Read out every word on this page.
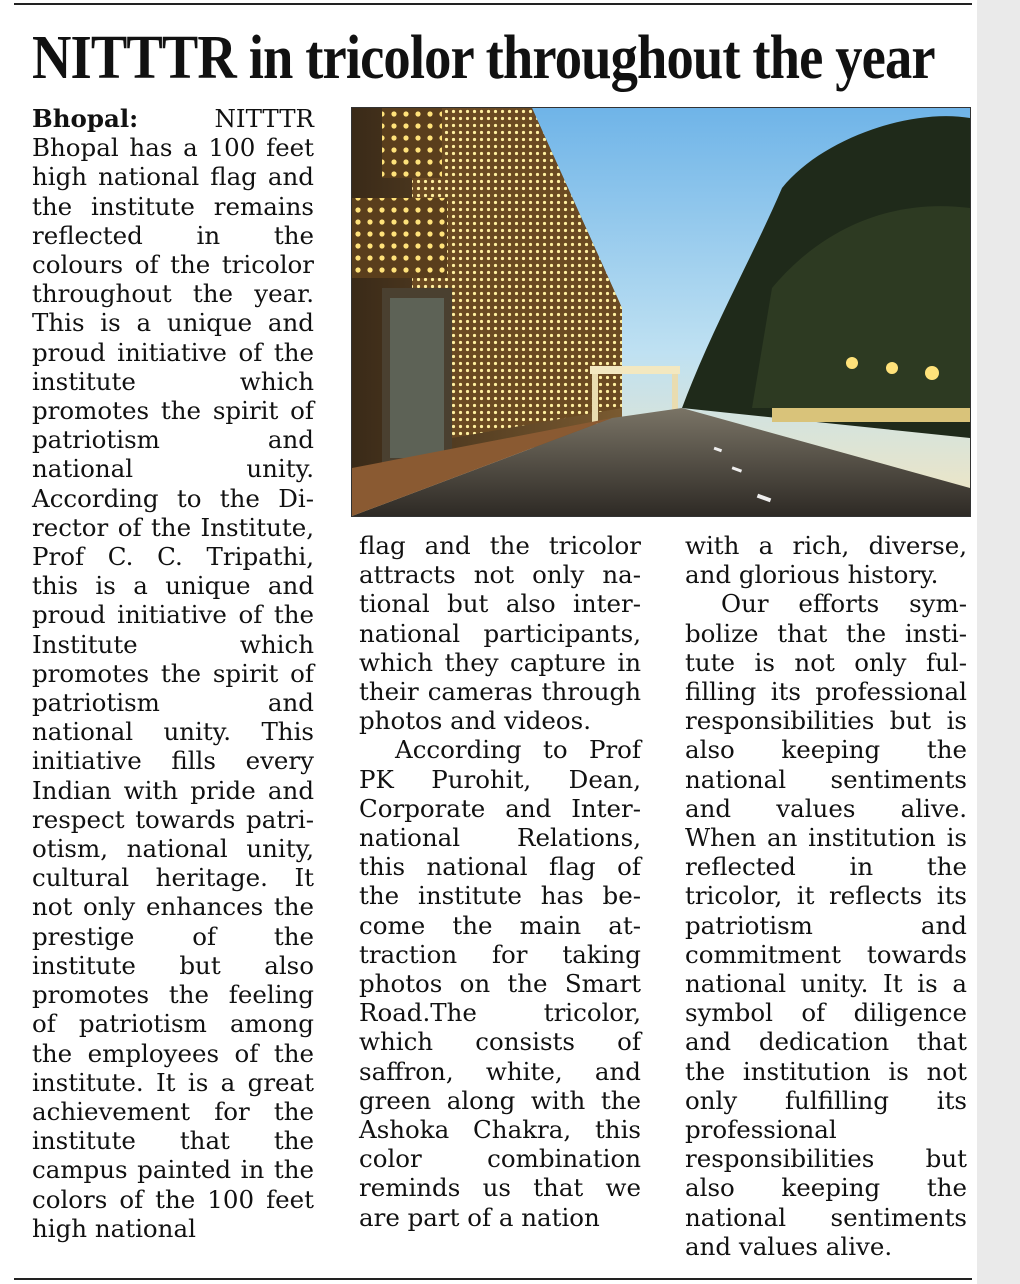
NITTTR in tricolor throughout the year

Bhopal: NITTTR Bhopal has a 100 feet high national flag and the institute remains reflected in the colours of the tricolor throughout the year. This is a unique and proud initiative of the institute which promotes the spirit of patriotism and national unity. According to the Director of the Institute, Prof C. C. Tripathi, this is a unique and proud initiative of the Institute which promotes the spirit of patriotism and national unity. This initiative fills every Indian with pride and respect towards patriotism, national unity, cultural heritage. It not only enhances the prestige of the institute but also promotes the feeling of patriotism among the employees of the institute. It is a great achievement for the institute that the campus painted in the colors of the 100 feet high national

flag and the tricolor attracts not only national but also international participants, which they capture in their cameras through photos and videos.

According to Prof PK Purohit, Dean, Corporate and International Relations, this national flag of the institute has become the main attraction for taking photos on the Smart Road.The tricolor, which consists of saffron, white, and green along with the Ashoka Chakra, this color combination reminds us that we are part of a nation

with a rich, diverse, and glorious history.

Our efforts symbolize that the institute is not only fulfilling its professional responsibilities but is also keeping the national sentiments and values alive. When an institution is reflected in the tricolor, it reflects its patriotism and commitment towards national unity. It is a symbol of diligence and dedication that the institution is not only fulfilling its professional responsibilities but also keeping the national sentiments and values alive.
